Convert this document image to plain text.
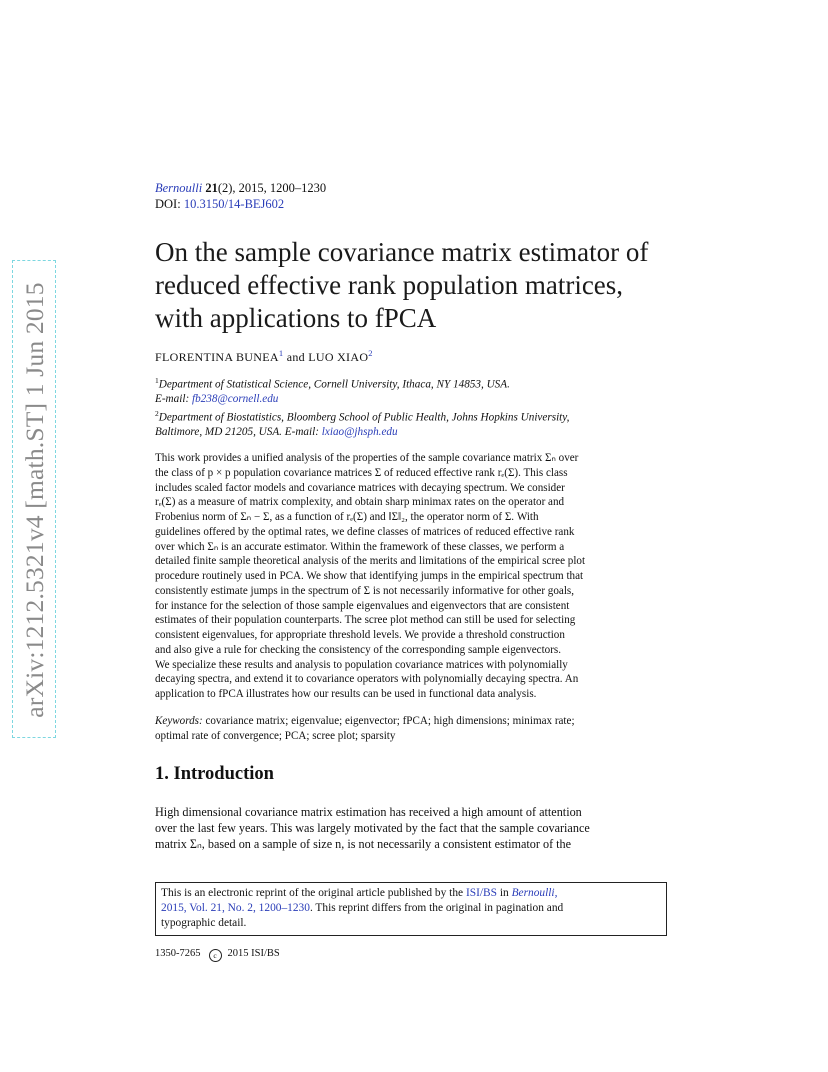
arXiv:1212.5321v4 [math.ST] 1 Jun 2015
Bernoulli 21(2), 2015, 1200–1230
DOI: 10.3150/14-BEJ602
On the sample covariance matrix estimator of
reduced effective rank population matrices,
with applications to fPCA
FLORENTINA BUNEA$^1$ and LUO XIAO$^2$
$^1$Department of Statistical Science, Cornell University, Ithaca, NY 14853, USA.
E-mail: fb238@cornell.edu
$^2$Department of Biostatistics, Bloomberg School of Public Health, Johns Hopkins University,
Baltimore, MD 21205, USA. E-mail: lxiao@jhsph.edu
This work provides a unified analysis of the properties of the sample covariance matrix Σₙ over
the class of p × p population covariance matrices Σ of reduced effective rank rₑ(Σ). This class
includes scaled factor models and covariance matrices with decaying spectrum. We consider
rₑ(Σ) as a measure of matrix complexity, and obtain sharp minimax rates on the operator and
Frobenius norm of Σₙ − Σ, as a function of rₑ(Σ) and ‖Σ‖₂, the operator norm of Σ. With
guidelines offered by the optimal rates, we define classes of matrices of reduced effective rank
over which Σₙ is an accurate estimator. Within the framework of these classes, we perform a
detailed finite sample theoretical analysis of the merits and limitations of the empirical scree plot
procedure routinely used in PCA. We show that identifying jumps in the empirical spectrum that
consistently estimate jumps in the spectrum of Σ is not necessarily informative for other goals,
for instance for the selection of those sample eigenvalues and eigenvectors that are consistent
estimates of their population counterparts. The scree plot method can still be used for selecting
consistent eigenvalues, for appropriate threshold levels. We provide a threshold construction
and also give a rule for checking the consistency of the corresponding sample eigenvectors.
We specialize these results and analysis to population covariance matrices with polynomially
decaying spectra, and extend it to covariance operators with polynomially decaying spectra. An
application to fPCA illustrates how our results can be used in functional data analysis.
Keywords: covariance matrix; eigenvalue; eigenvector; fPCA; high dimensions; minimax rate;
optimal rate of convergence; PCA; scree plot; sparsity
1. Introduction
High dimensional covariance matrix estimation has received a high amount of attention
over the last few years. This was largely motivated by the fact that the sample covariance
matrix Σₙ, based on a sample of size n, is not necessarily a consistent estimator of the
This is an electronic reprint of the original article published by the ISI/BS in Bernoulli,
2015, Vol. 21, No. 2, 1200–1230. This reprint differs from the original in pagination and
typographic detail.
1350-7265 c 2015 ISI/BS
